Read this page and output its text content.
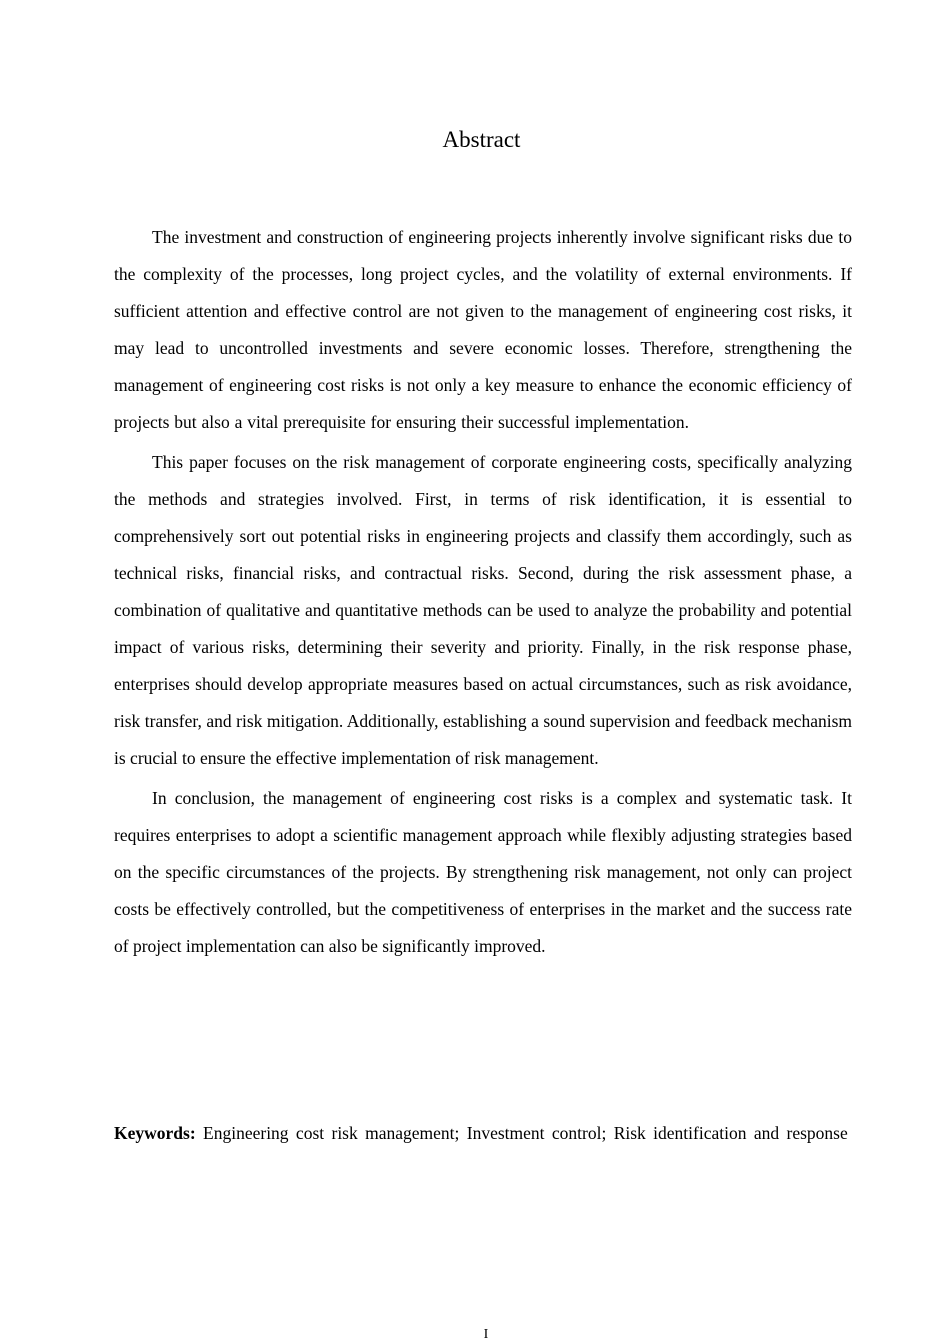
Abstract

The investment and construction of engineering projects inherently involve significant risks due to the complexity of the processes, long project cycles, and the volatility of external environments. If sufficient attention and effective control are not given to the management of engineering cost risks, it may lead to uncontrolled investments and severe economic losses. Therefore, strengthening the management of engineering cost risks is not only a key measure to enhance the economic efficiency of projects but also a vital prerequisite for ensuring their successful implementation.

This paper focuses on the risk management of corporate engineering costs, specifically analyzing the methods and strategies involved. First, in terms of risk identification, it is essential to comprehensively sort out potential risks in engineering projects and classify them accordingly, such as technical risks, financial risks, and contractual risks. Second, during the risk assessment phase, a combination of qualitative and quantitative methods can be used to analyze the probability and potential impact of various risks, determining their severity and priority. Finally, in the risk response phase, enterprises should develop appropriate measures based on actual circumstances, such as risk avoidance, risk transfer, and risk mitigation. Additionally, establishing a sound supervision and feedback mechanism is crucial to ensure the effective implementation of risk management.

In conclusion, the management of engineering cost risks is a complex and systematic task. It requires enterprises to adopt a scientific management approach while flexibly adjusting strategies based on the specific circumstances of the projects. By strengthening risk management, not only can project costs be effectively controlled, but the competitiveness of enterprises in the market and the success rate of project implementation can also be significantly improved.

Keywords: Engineering cost risk management; Investment control; Risk identification and response

I
